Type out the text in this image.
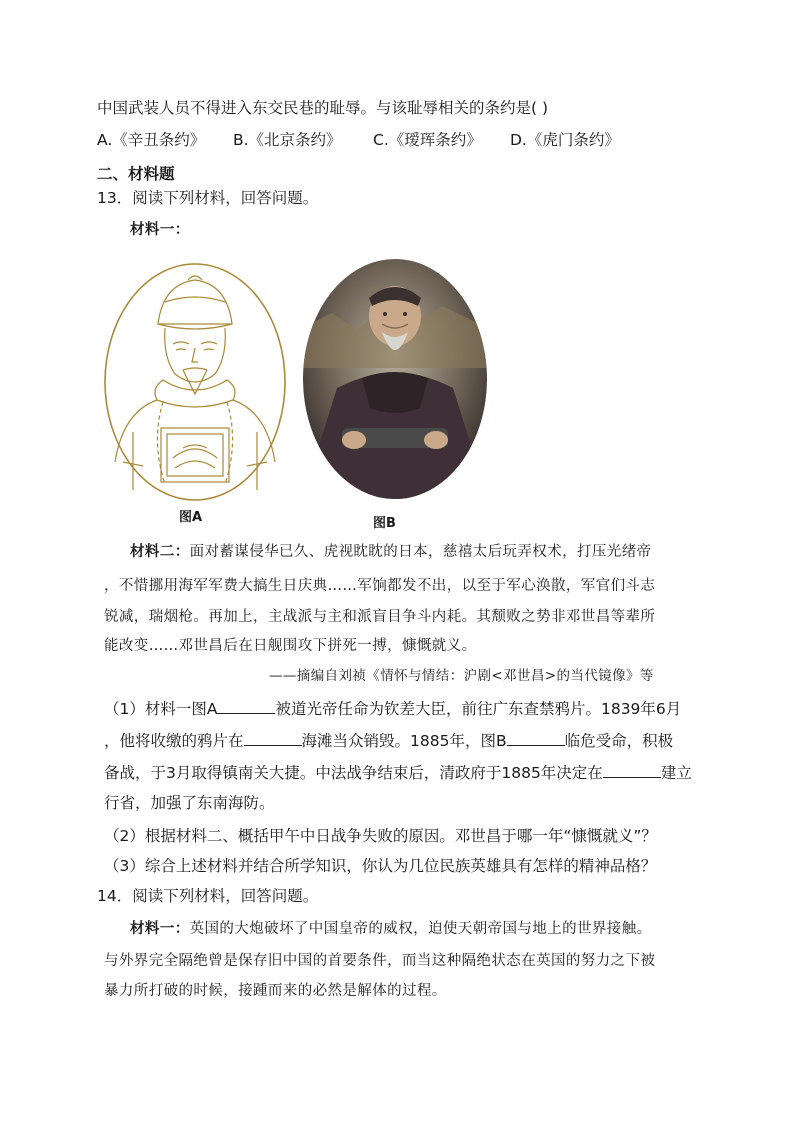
中国武装人员不得进入东交民巷的耻辱。与该耻辱相关的条约是( )
A.《辛丑条约》 B.《北京条约》 C.《瑷珲条约》 D.《虎门条约》
二、材料题
13．阅读下列材料，回答问题。
材料一：
图A	图B
材料二：面对蓄谋侵华已久、虎视眈眈的日本，慈禧太后玩弄权术，打压光绪帝
，不惜挪用海军军费大搞生日庆典……军饷都发不出，以至于军心涣散，军官们斗志
锐减，瑞烟枪。再加上，主战派与主和派盲目争斗内耗。其颓败之势非邓世昌等辈所
能改变……邓世昌后在日舰围攻下拼死一搏，慷慨就义。
——摘编自刘祯《情怀与情结：沪剧<邓世昌>的当代镜像》等
（1）材料一图A	被道光帝任命为钦差大臣，前往广东查禁鸦片。1839年6月
，他将收缴的鸦片在	海滩当众销毁。1885年，图B	临危受命，积极
备战，于3月取得镇南关大捷。中法战争结束后，清政府于1885年决定在	建立
行省，加强了东南海防。
（2）根据材料二、概括甲午中日战争失败的原因。邓世昌于哪一年“慷慨就义”？
（3）综合上述材料并结合所学知识，你认为几位民族英雄具有怎样的精神品格？
14．阅读下列材料，回答问题。
材料一：英国的大炮破坏了中国皇帝的威权，迫使天朝帝国与地上的世界接触。
与外界完全隔绝曾是保存旧中国的首要条件，而当这种隔绝状态在英国的努力之下被
暴力所打破的时候，接踵而来的必然是解体的过程。
